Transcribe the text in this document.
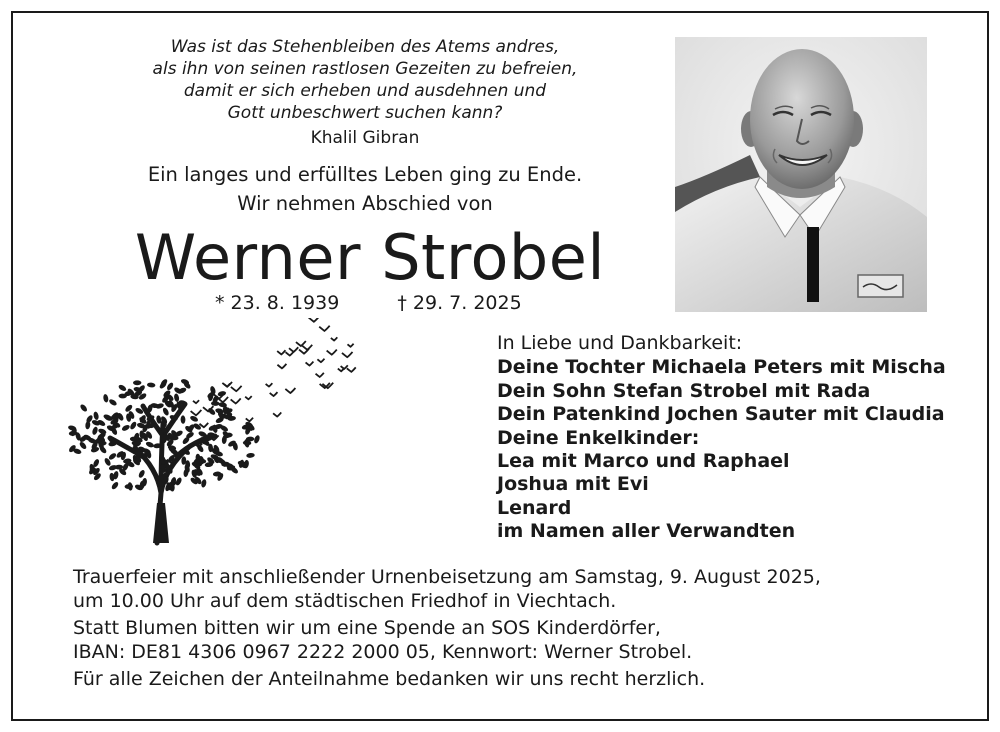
Was ist das Stehenbleiben des Atems andres,
als ihn von seinen rastlosen Gezeiten zu befreien,
damit er sich erheben und ausdehnen und
Gott unbeschwert suchen kann?
Khalil Gibran
Ein langes und erfülltes Leben ging zu Ende.
Wir nehmen Abschied von
Werner Strobel
* 23. 8. 1939	† 29. 7. 2025
In Liebe und Dankbarkeit:
Deine Tochter Michaela Peters mit Mischa
Dein Sohn Stefan Strobel mit Rada
Dein Patenkind Jochen Sauter mit Claudia
Deine Enkelkinder:
Lea mit Marco und Raphael
Joshua mit Evi
Lenard
im Namen aller Verwandten
Trauerfeier mit anschließender Urnenbeisetzung am Samstag, 9. August 2025,
um 10.00 Uhr auf dem städtischen Friedhof in Viechtach.
Statt Blumen bitten wir um eine Spende an SOS Kinderdörfer,
IBAN: DE81 4306 0967 2222 2000 05, Kennwort: Werner Strobel.
Für alle Zeichen der Anteilnahme bedanken wir uns recht herzlich.
